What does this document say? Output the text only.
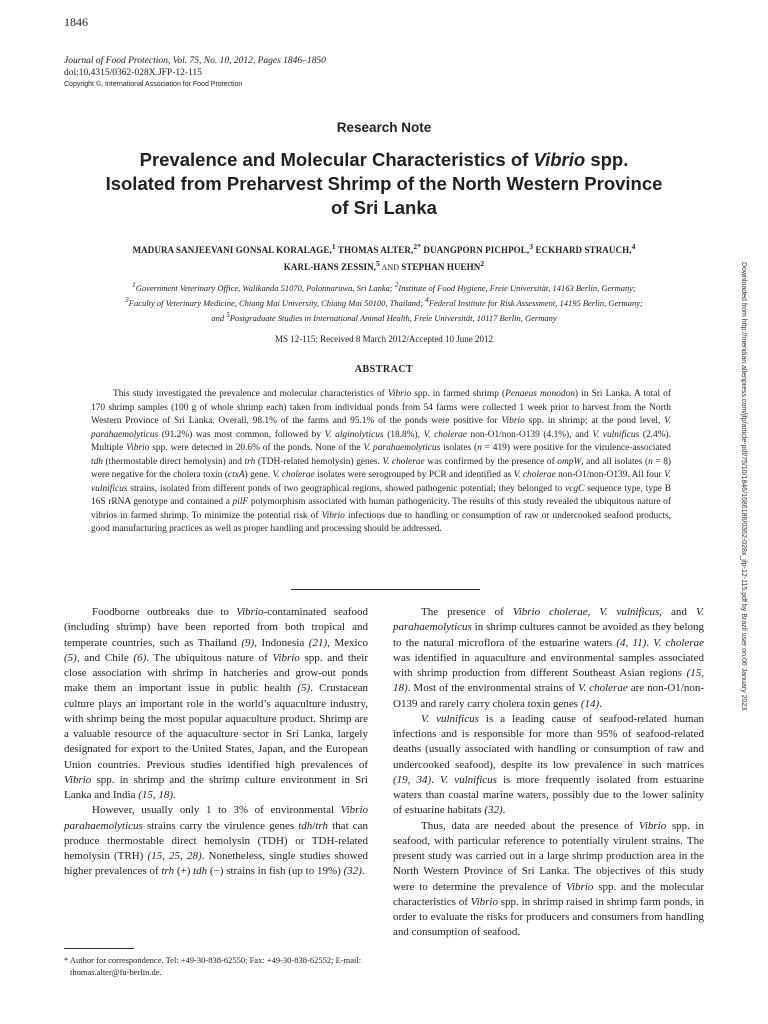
1846
Journal of Food Protection, Vol. 75, No. 10, 2012, Pages 1846–1850
doi:10.4315/0362-028X.JFP-12-115
Copyright ©, International Association for Food Protection
Research Note
Prevalence and Molecular Characteristics of Vibrio spp.
Isolated from Preharvest Shrimp of the North Western Province
of Sri Lanka
MADURA SANJEEVANI GONSAL KORALAGE,$^1$ THOMAS ALTER,$^{2*}$ DUANGPORN PICHPOL,$^3$ ECKHARD STRAUCH,$^4$
KARL-HANS ZESSIN,$^5$ AND STEPHAN HUEHN$^2$
$^1$Government Veterinary Office, Walikanda 51070, Polonnaruwa, Sri Lanka; $^2$Institute of Food Hygiene, Freie Universität, 14163 Berlin, Germany;
$^3$Faculty of Veterinary Medicine, Chiang Mai University, Chiang Mai 50100, Thailand; $^4$Federal Institute for Risk Assessment, 14195 Berlin, Germany;
and $^5$Postgraduate Studies in International Animal Health, Freie Universität, 10117 Berlin, Germany
MS 12-115: Received 8 March 2012/Accepted 10 June 2012
ABSTRACT

This study investigated the prevalence and molecular characteristics of Vibrio spp. in farmed shrimp (Penaeus monodon) in Sri Lanka. A total of 170 shrimp samples (100 g of whole shrimp each) taken from individual ponds from 54 farms were collected 1 week prior to harvest from the North Western Province of Sri Lanka. Overall, 98.1% of the farms and 95.1% of the ponds were positive for Vibrio spp. in shrimp; at the pond level, V. parahaemolyticus (91.2%) was most common, followed by V. alginolyticus (18.8%), V. cholerae non-O1/non-O139 (4.1%), and V. vulnificus (2.4%). Multiple Vibrio spp. were detected in 20.6% of the ponds. None of the V. parahaemolyticus isolates (n = 419) were positive for the virulence-associated tdh (thermostable direct hemolysin) and trh (TDH-related hemolysin) genes. V. cholerae was confirmed by the presence of ompW, and all isolates (n = 8) were negative for the cholera toxin (ctxA) gene. V. cholerae isolates were serogrouped by PCR and identified as V. cholerae non-O1/non-O139. All four V. vulnificus strains, isolated from different ponds of two geographical regions, showed pathogenic potential; they belonged to vcgC sequence type, type B 16S rRNA genotype and contained a pilF polymorphism associated with human pathogenicity. The results of this study revealed the ubiquitous nature of vibrios in farmed shrimp. To minimize the potential risk of Vibrio infections due to handling or consumption of raw or undercooked seafood products, good manufacturing practices as well as proper handling and processing should be addressed.

Foodborne outbreaks due to Vibrio-contaminated seafood (including shrimp) have been reported from both tropical and temperate countries, such as Thailand (9), Indonesia (21), Mexico (5), and Chile (6). The ubiquitous nature of Vibrio spp. and their close association with shrimp in hatcheries and grow-out ponds make them an important issue in public health (5). Crustacean culture plays an important role in the world’s aquaculture industry, with shrimp being the most popular aquaculture product. Shrimp are a valuable resource of the aquaculture sector in Sri Lanka, largely designated for export to the United States, Japan, and the European Union countries. Previous studies identified high prevalences of Vibrio spp. in shrimp and the shrimp culture environment in Sri Lanka and India (15, 18).

However, usually only 1 to 3% of environmental Vibrio parahaemolyticus strains carry the virulence genes tdh/trh that can produce thermostable direct hemolysin (TDH) or TDH-related hemolysin (TRH) (15, 25, 28). Nonetheless, single studies showed higher prevalences of trh (+) tdh (−) strains in fish (up to 19%) (32).

* Author for correspondence. Tel: +49-30-838-62550; Fax: +49-30-838-62552; E-mail: thomas.alter@fu-berlin.de.

The presence of Vibrio cholerae, V. vulnificus, and V. parahaemolyticus in shrimp cultures cannot be avoided as they belong to the natural microflora of the estuarine waters (4, 11). V. cholerae was identified in aquaculture and environmental samples associated with shrimp production from different Southeast Asian regions (15, 18). Most of the environmental strains of V. cholerae are non-O1/non-O139 and rarely carry cholera toxin genes (14).

V. vulnificus is a leading cause of seafood-related human infections and is responsible for more than 95% of seafood-related deaths (usually associated with handling or consumption of raw and undercooked seafood), despite its low prevalence in such matrices (19, 34). V. vulnificus is more frequently isolated from estuarine waters than coastal marine waters, possibly due to the lower salinity of estuarine habitats (32).

Thus, data are needed about the presence of Vibrio spp. in seafood, with particular reference to potentially virulent strains. The present study was carried out in a large shrimp production area in the North Western Province of Sri Lanka. The objectives of this study were to determine the prevalence of Vibrio spp. and the molecular characteristics of Vibrio spp. in shrimp raised in shrimp farm ponds, in order to evaluate the risks for producers and consumers from handling and consumption of seafood.

Downloaded from http://meridian.allenpress.com/jfp/article-pdf/75/10/1846/1686186/0362-028x_jfp-12-115.pdf by Brazil user on 06 January 2023
